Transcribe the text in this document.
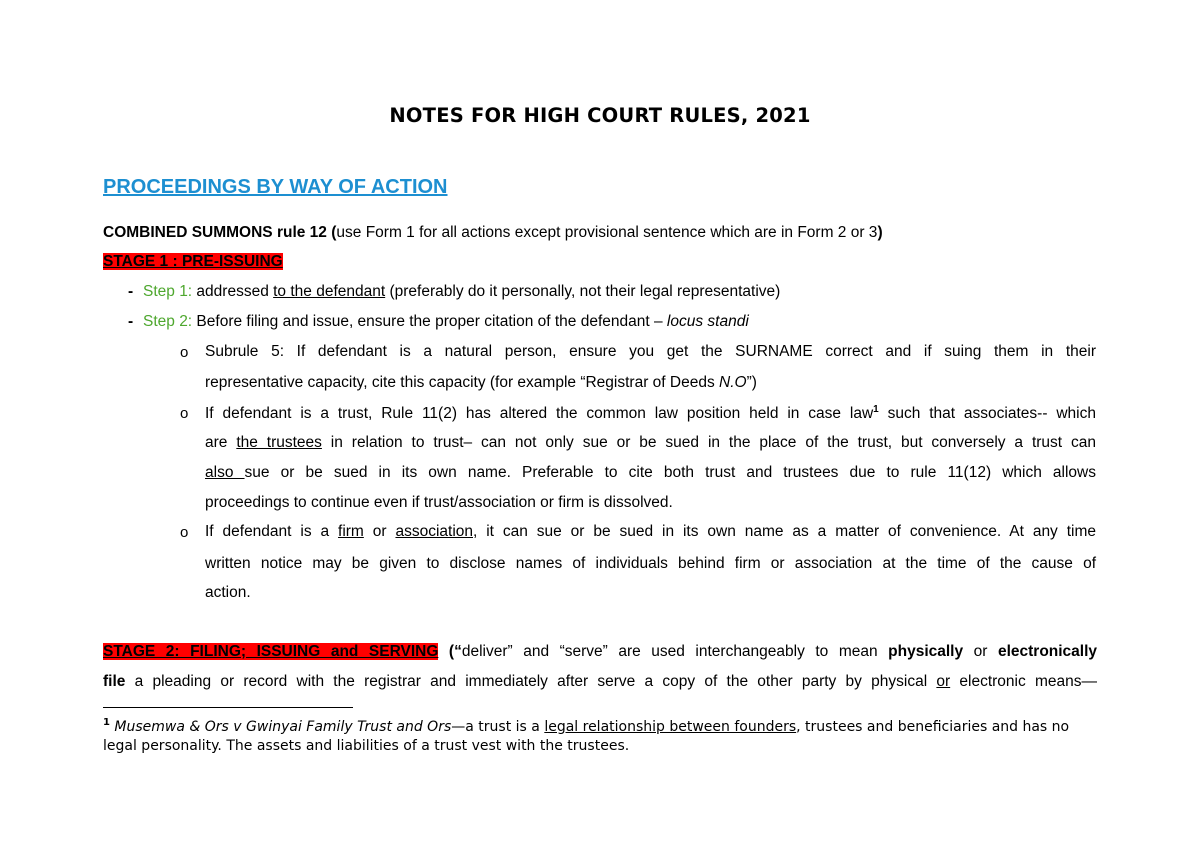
NOTES FOR HIGH COURT RULES, 2021
PROCEEDINGS BY WAY OF ACTION
COMBINED SUMMONS rule 12 (use Form 1 for all actions except provisional sentence which are in Form 2 or 3)
STAGE 1 : PRE-ISSUING
- Step 1: addressed to the defendant (preferably do it personally, not their legal representative)
- Step 2: Before filing and issue, ensure the proper citation of the defendant – locus standi
o Subrule 5: If defendant is a natural person, ensure you get the SURNAME correct and if suing them in their
representative capacity, cite this capacity (for example “Registrar of Deeds N.O”)
o If defendant is a trust, Rule 11(2) has altered the common law position held in case law$^1$ such that associates-- which
are the trustees in relation to trust– can not only sue or be sued in the place of the trust, but conversely a trust can
also sue or be sued in its own name. Preferable to cite both trust and trustees due to rule 11(12) which allows
proceedings to continue even if trust/association or firm is dissolved.
o If defendant is a firm or association, it can sue or be sued in its own name as a matter of convenience. At any time
written notice may be given to disclose names of individuals behind firm or association at the time of the cause of
action.
STAGE 2: FILING; ISSUING and SERVING (“deliver” and “serve” are used interchangeably to mean physically or electronically
file a pleading or record with the registrar and immediately after serve a copy of the other party by physical or electronic means—
$^1$ Musemwa & Ors v Gwinyai Family Trust and Ors—a trust is a legal relationship between founders, trustees and beneficiaries and has no legal personality. The assets and liabilities of a trust vest with the trustees.
